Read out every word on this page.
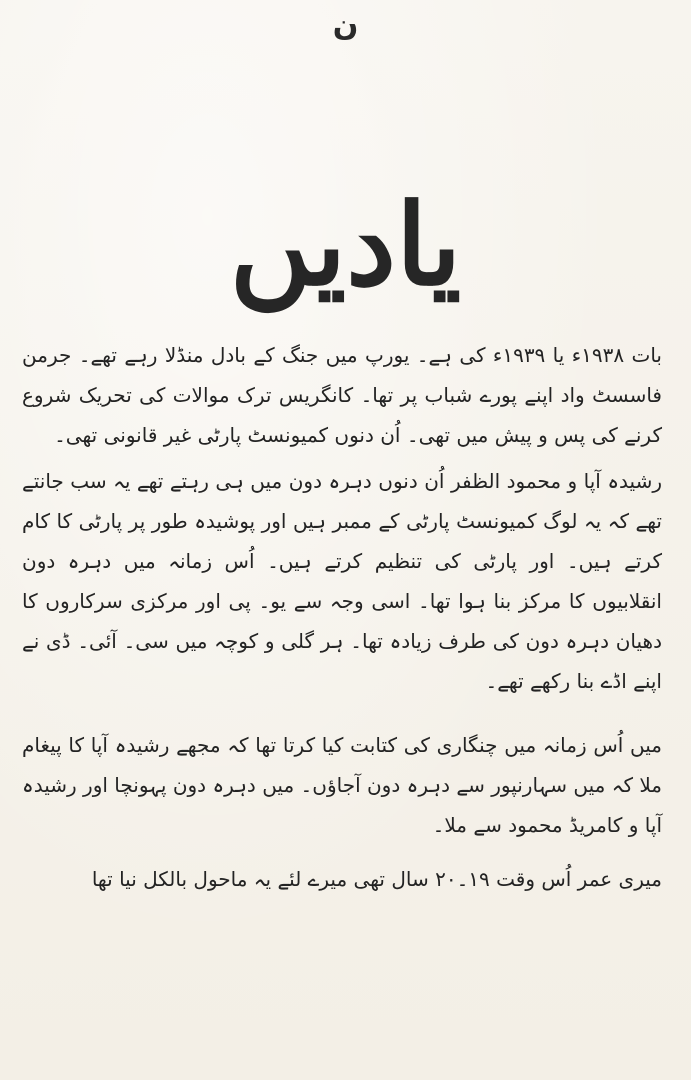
ن
یادیں

بات ۱۹۳۸ء یا ۱۹۳۹ء کی ہے۔ یورپ میں جنگ کے بادل منڈلا رہے تھے۔ جرمن فاسسٹ واد اپنے پورے شباب پر تھا۔ کانگریس ترک موالات کی تحریک شروع کرنے کی پس و پیش میں تھی۔ اُن دنوں کمیونسٹ پارٹی غیر قانونی تھی۔

رشیدہ آپا و محمود الظفر اُن دنوں دہرہ دون میں ہی رہتے تھے یہ سب جانتے تھے کہ یہ لوگ کمیونسٹ پارٹی کے ممبر ہیں اور پوشیدہ طور پر پارٹی کا کام کرتے ہیں۔ اور پارٹی کی تنظیم کرتے ہیں۔ اُس زمانہ میں دہرہ دون انقلابیوں کا مرکز بنا ہوا تھا۔ اسی وجہ سے یو۔ پی اور مرکزی سرکاروں کا دھیان دہرہ دون کی طرف زیادہ تھا۔ ہر گلی و کوچہ میں سی۔ آئی۔ ڈی نے اپنے اڈے بنا رکھے تھے۔

میں اُس زمانہ میں چنگاری کی کتابت کیا کرتا تھا کہ مجھے رشیدہ آپا کا پیغام ملا کہ میں سہارنپور سے دہرہ دون آجاؤں۔ میں دہرہ دون پہونچا اور رشیدہ آپا و کامریڈ محمود سے ملا۔

میری عمر اُس وقت ۱۹۔۲۰ سال تھی میرے لئے یہ ماحول بالکل نیا تھا
